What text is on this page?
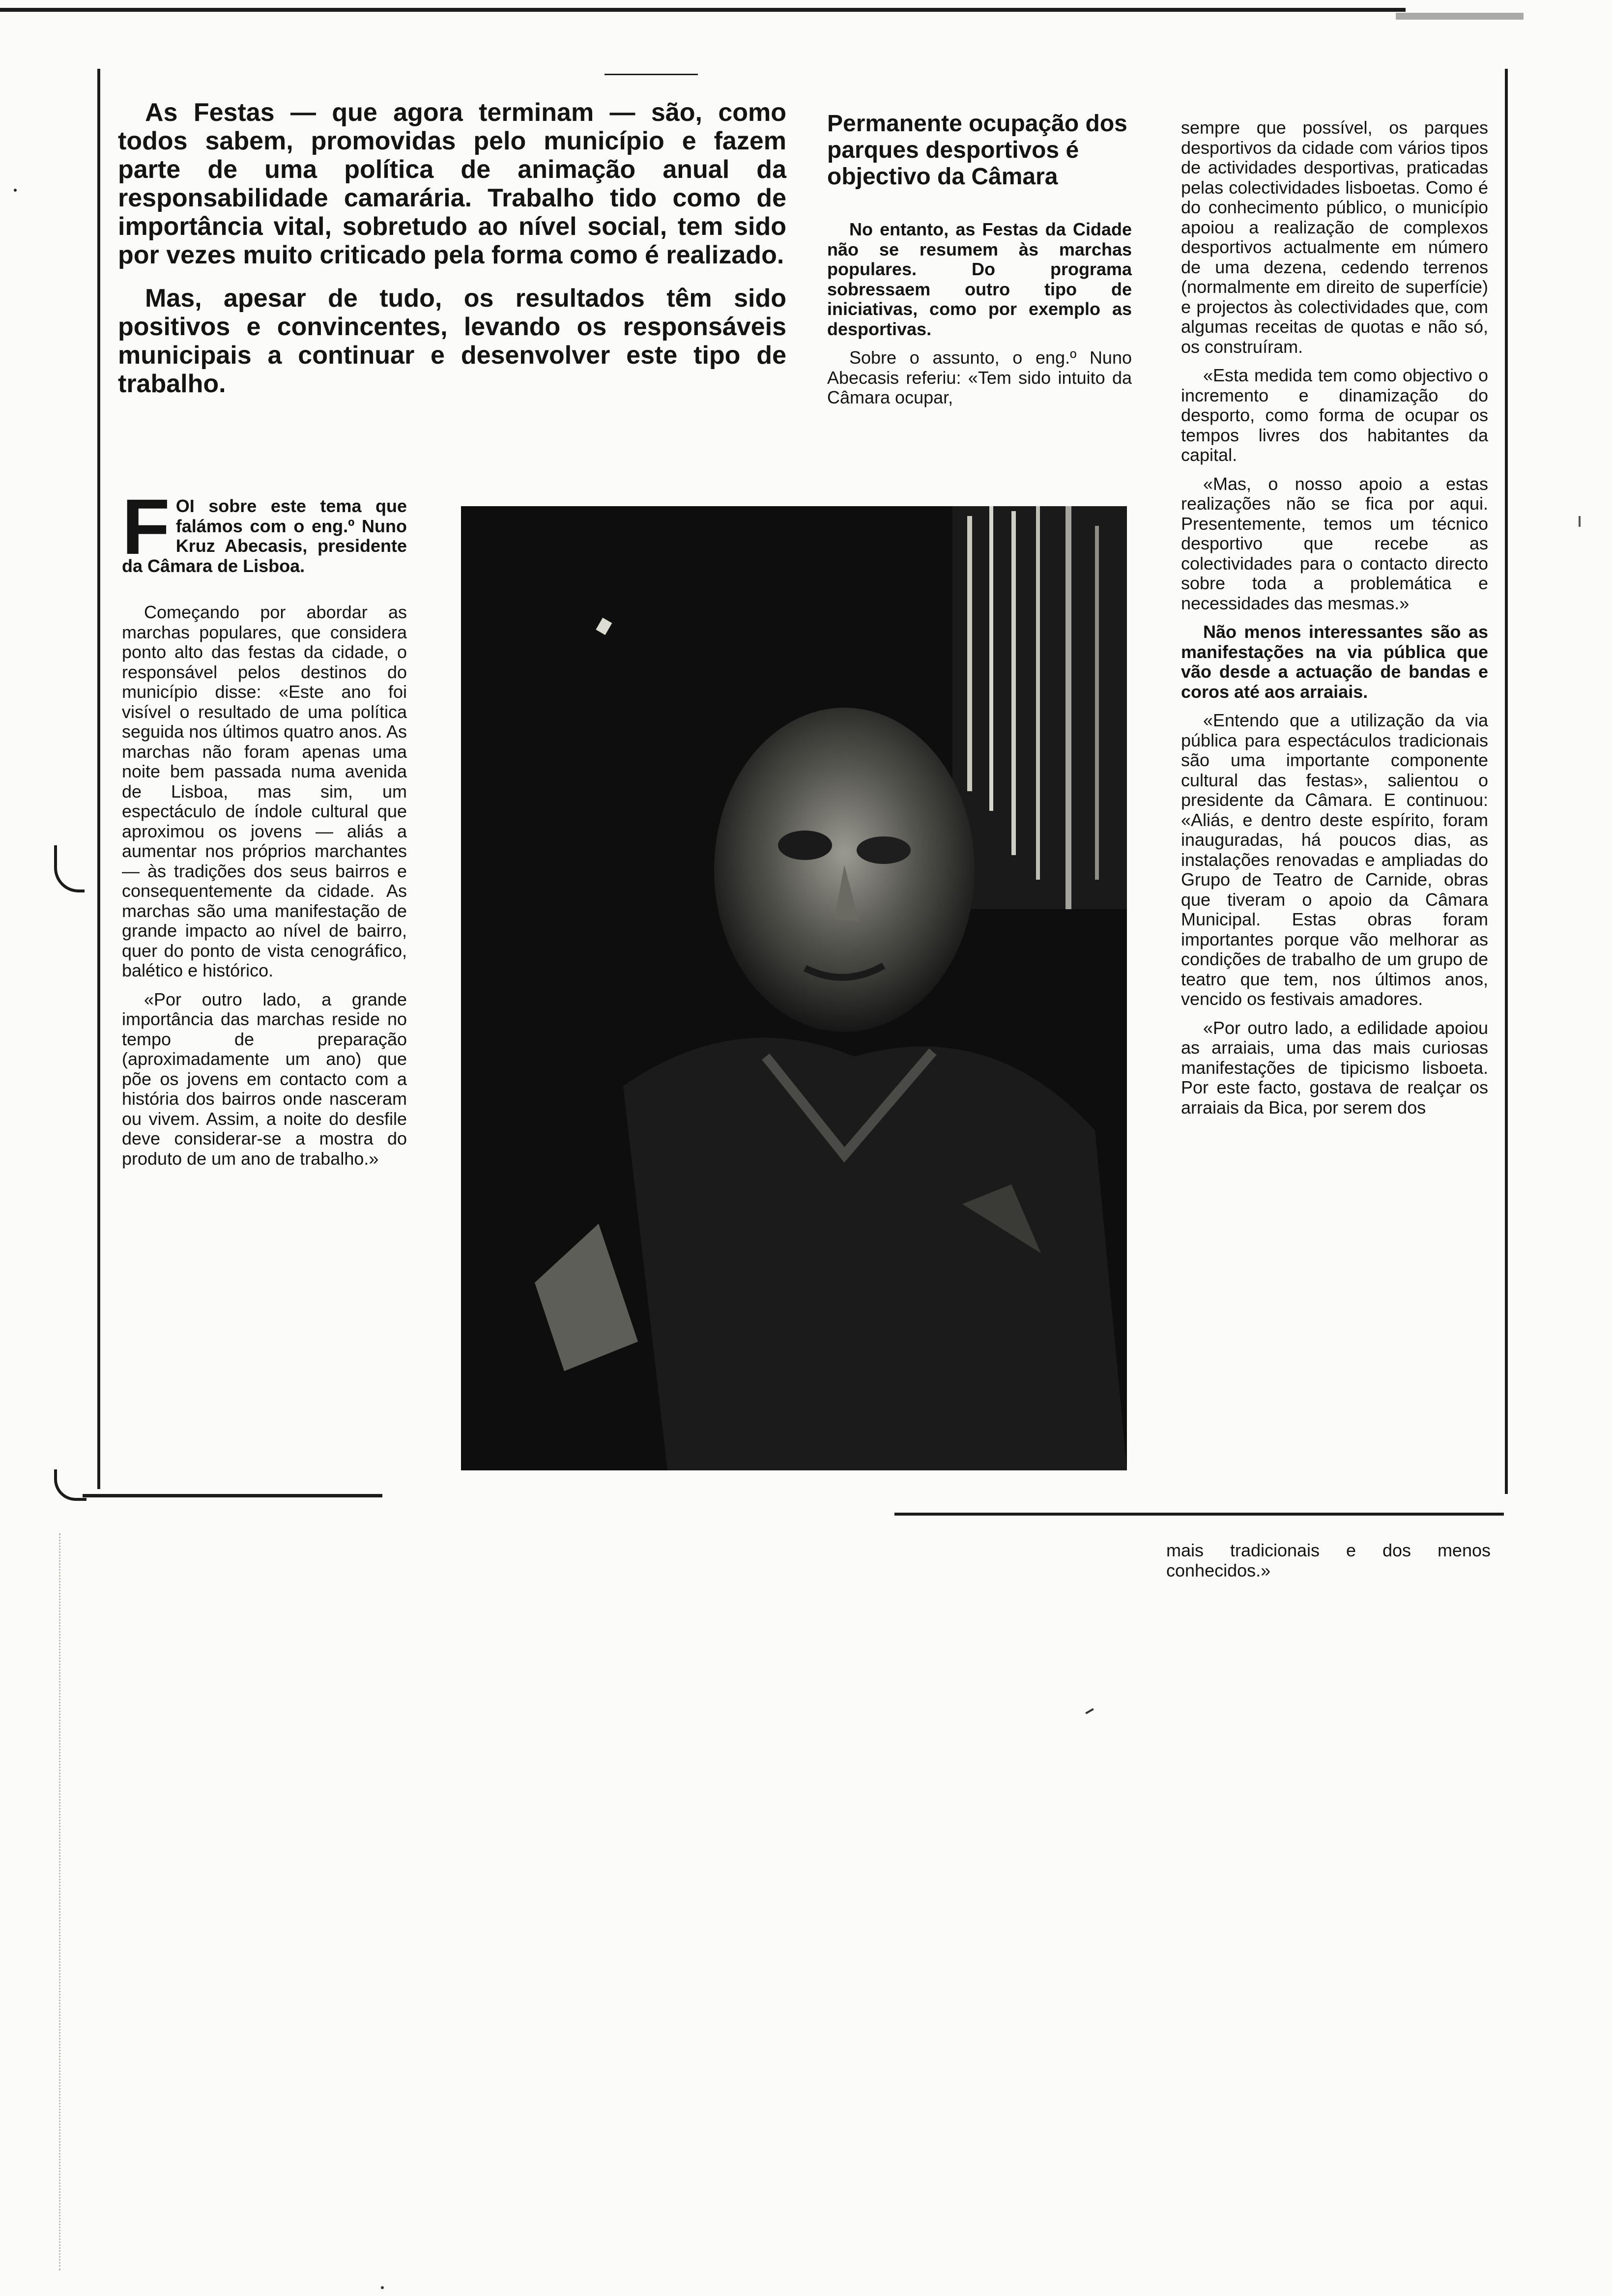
As Festas — que agora terminam — são, como todos sabem, promovidas pelo município e fazem parte de uma política de animação anual da responsabilidade camarária. Trabalho tido como de importância vital, sobretudo ao nível social, tem sido por vezes muito criticado pela forma como é realizado.
Mas, apesar de tudo, os resultados têm sido positivos e convincentes, levando os responsáveis municipais a continuar e desenvolver este tipo de trabalho.

FOI sobre este tema que falámos com o eng.º Nuno Kruz Abecasis, presidente da Câmara de Lisboa.

Começando por abordar as marchas populares, que considera ponto alto das festas da cidade, o responsável pelos destinos do município disse: «Este ano foi visível o resultado de uma política seguida nos últimos quatro anos. As marchas não foram apenas uma noite bem passada numa avenida de Lisboa, mas sim, um espectáculo de índole cultural que aproximou os jovens — aliás a aumentar nos próprios marchantes — às tradições dos seus bairros e consequentemente da cidade. As marchas são uma manifestação de grande impacto ao nível de bairro, quer do ponto de vista cenográfico, balético e histórico.

«Por outro lado, a grande importância das marchas reside no tempo de preparação (aproximadamente um ano) que põe os jovens em contacto com a história dos bairros onde nasceram ou vivem. Assim, a noite do desfile deve considerar-se a mostra do produto de um ano de trabalho.»

Permanente ocupação dos parques desportivos é objectivo da Câmara

No entanto, as Festas da Cidade não se resumem às marchas populares. Do programa sobressaem outro tipo de iniciativas, como por exemplo as desportivas.

Sobre o assunto, o eng.º Nuno Abecasis referiu: «Tem sido intuito da Câmara ocupar,

sempre que possível, os parques desportivos da cidade com vários tipos de actividades desportivas, praticadas pelas colectividades lisboetas. Como é do conhecimento público, o município apoiou a realização de complexos desportivos actualmente em número de uma dezena, cedendo terrenos (normalmente em direito de superfície) e projectos às colectividades que, com algumas receitas de quotas e não só, os construíram.

«Esta medida tem como objectivo o incremento e dinamização do desporto, como forma de ocupar os tempos livres dos habitantes da capital.

«Mas, o nosso apoio a estas realizações não se fica por aqui. Presentemente, temos um técnico desportivo que recebe as colectividades para o contacto directo sobre toda a problemática e necessidades das mesmas.»

Não menos interessantes são as manifestações na via pública que vão desde a actuação de bandas e coros até aos arraiais.

«Entendo que a utilização da via pública para espectáculos tradicionais são uma importante componente cultural das festas», salientou o presidente da Câmara. E continuou: «Aliás, e dentro deste espírito, foram inauguradas, há poucos dias, as instalações renovadas e ampliadas do Grupo de Teatro de Carnide, obras que tiveram o apoio da Câmara Municipal. Estas obras foram importantes porque vão melhorar as condições de trabalho de um grupo de teatro que tem, nos últimos anos, vencido os festivais amadores.

«Por outro lado, a edilidade apoiou as arraiais, uma das mais curiosas manifestações de tipicismo lisboeta. Por este facto, gostava de realçar os arraiais da Bica, por serem dos

mais tradicionais e dos menos conhecidos.»
